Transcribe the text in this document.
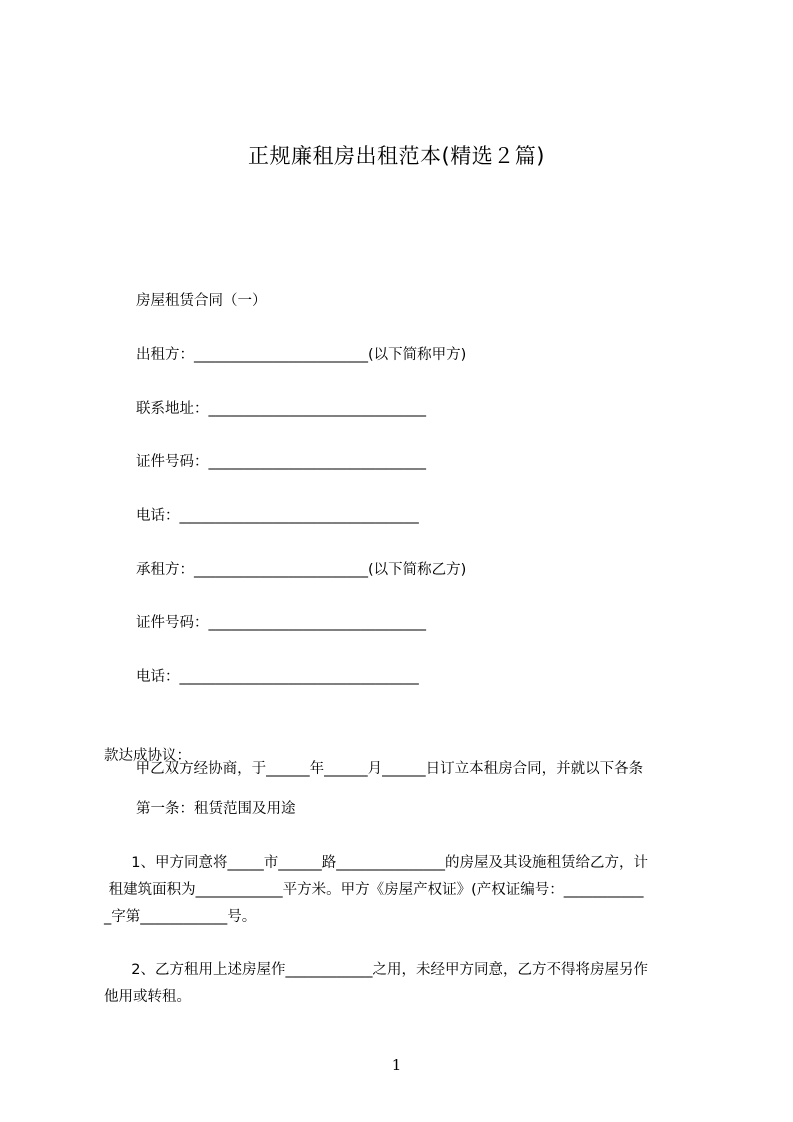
正规廉租房出租范本(精选２篇)
房屋租赁合同（一）
出租方：________________________(以下简称甲方)
联系地址：______________________________
证件号码：______________________________
电话：_________________________________
承租方：________________________(以下简称乙方)
证件号码：______________________________
电话：_________________________________

甲乙双方经协商，于______年______月______日订立本租房合同，并就以下各条

款达成协议：
第一条：租赁范围及用途
1、甲方同意将_____市______路_______________的房屋及其设施租赁给乙方，计
租建筑面积为____________平方米。甲方《房屋产权证》(产权证编号：___________
_字第____________号。
2、乙方租用上述房屋作____________之用，未经甲方同意，乙方不得将房屋另作
他用或转租。
1
